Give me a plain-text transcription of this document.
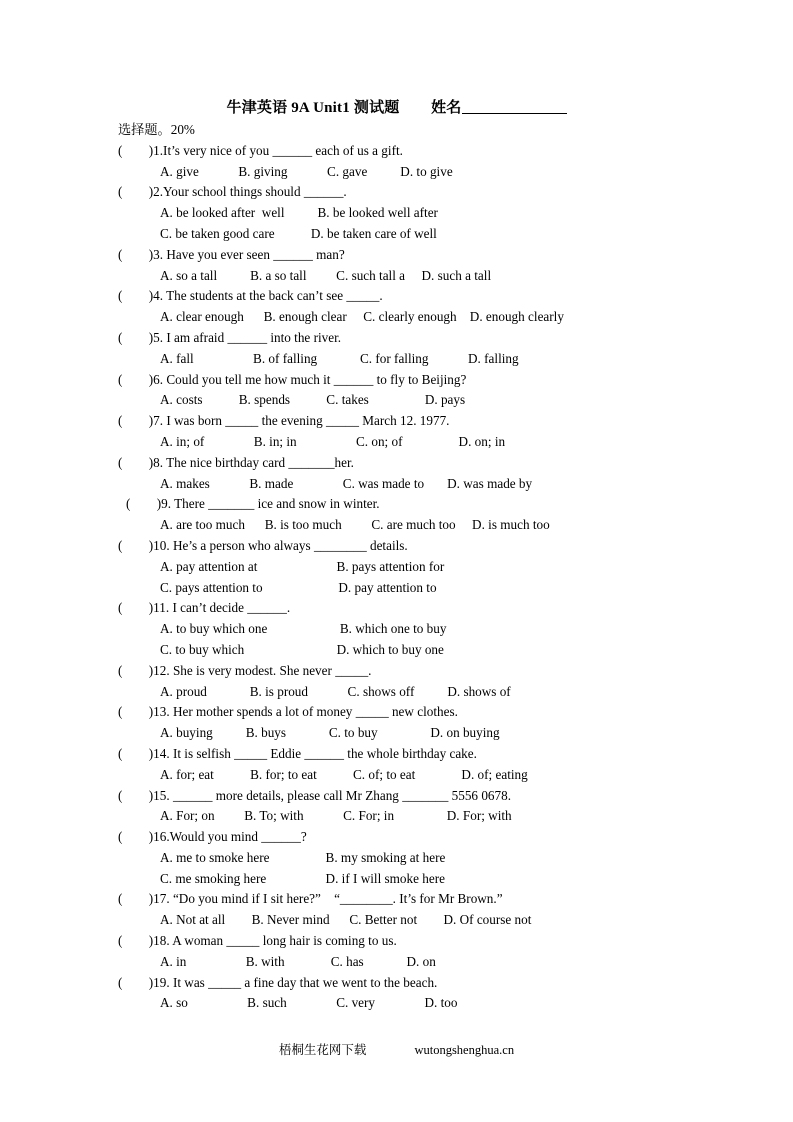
牛津英语 9A Unit1 测试题 姓名
选择题。20%
(        )1.It’s very nice of you ______ each of us a gift.
A. give            B. giving            C. gave          D. to give
(        )2.Your school things should ______.
A. be looked after  well          B. be looked well after
C. be taken good care           D. be taken care of well
(        )3. Have you ever seen ______ man?
A. so a tall          B. a so tall         C. such tall a     D. such a tall
(        )4. The students at the back can’t see _____.
A. clear enough      B. enough clear     C. clearly enough    D. enough clearly
(        )5. I am afraid ______ into the river.
A. fall                  B. of falling             C. for falling            D. falling
(        )6. Could you tell me how much it ______ to fly to Beijing?
A. costs           B. spends           C. takes                 D. pays
(        )7. I was born _____ the evening _____ March 12. 1977.
A. in; of               B. in; in                  C. on; of                 D. on; in
(        )8. The nice birthday card _______her.
A. makes            B. made               C. was made to       D. was made by
(        )9. There _______ ice and snow in winter.
A. are too much      B. is too much         C. are much too     D. is much too
(        )10. He’s a person who always ________ details.
A. pay attention at                        B. pays attention for
C. pays attention to                       D. pay attention to
(        )11. I can’t decide ______.
A. to buy which one                      B. which one to buy
C. to buy which                            D. which to buy one
(        )12. She is very modest. She never _____.
A. proud             B. is proud            C. shows off          D. shows of
(        )13. Her mother spends a lot of money _____ new clothes.
A. buying          B. buys             C. to buy                D. on buying
(        )14. It is selfish _____ Eddie ______ the whole birthday cake.
A. for; eat           B. for; to eat           C. of; to eat              D. of; eating
(        )15. ______ more details, please call Mr Zhang _______ 5556 0678.
A. For; on         B. To; with            C. For; in                D. For; with
(        )16.Would you mind ______?
A. me to smoke here                 B. my smoking at here
C. me smoking here                  D. if I will smoke here
(        )17. “Do you mind if I sit here?”    “________. It’s for Mr Brown.”
A. Not at all        B. Never mind      C. Better not        D. Of course not
(        )18. A woman _____ long hair is coming to us.
A. in                  B. with              C. has             D. on
(        )19. It was _____ a fine day that we went to the beach.
A. so                  B. such               C. very               D. too
梧桐生花网下载	wutongshenghua.cn
